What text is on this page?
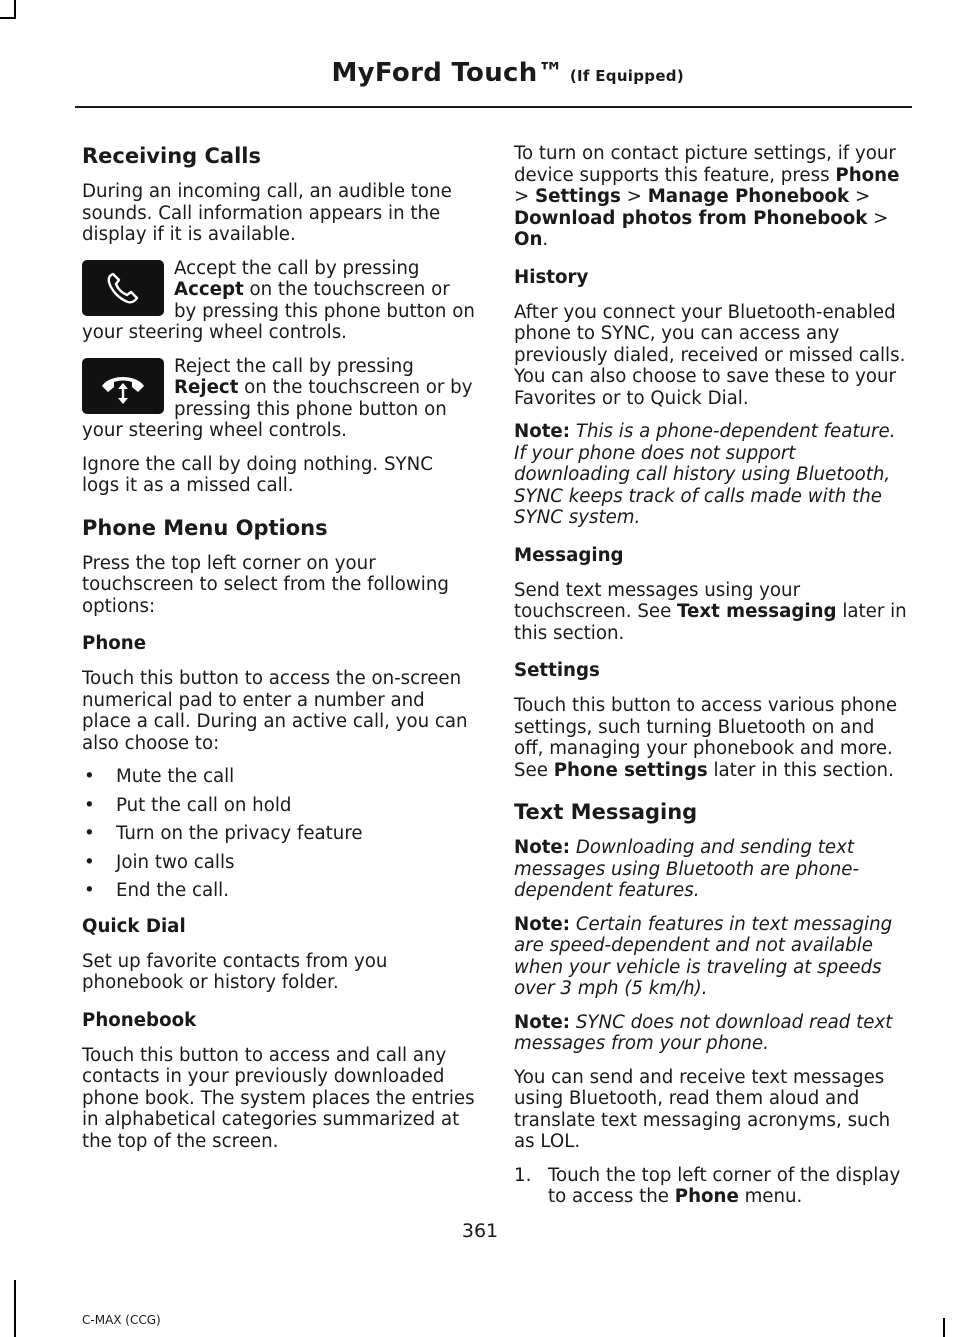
MyFord Touch™ (If Equipped)
Receiving Calls

During an incoming call, an audible tone sounds. Call information appears in the display if it is available.

Accept the call by pressing Accept on the touchscreen or by pressing this phone button on your steering wheel controls.
Reject the call by pressing Reject on the touchscreen or by pressing this phone button on your steering wheel controls.

Ignore the call by doing nothing. SYNC logs it as a missed call.

Phone Menu Options

Press the top left corner on your touchscreen to select from the following options:

Phone

Touch this button to access the on-screen numerical pad to enter a number and place a call. During an active call, you can also choose to:

• Mute the call
• Put the call on hold
• Turn on the privacy feature
• Join two calls
• End the call.
Quick Dial

Set up favorite contacts from you phonebook or history folder.

Phonebook

Touch this button to access and call any contacts in your previously downloaded phone book. The system places the entries in alphabetical categories summarized at the top of the screen.

To turn on contact picture settings, if your device supports this feature, press Phone > Settings > Manage Phonebook > Download photos from Phonebook > On.

History

After you connect your Bluetooth-enabled phone to SYNC, you can access any previously dialed, received or missed calls. You can also choose to save these to your Favorites or to Quick Dial.

Note: This is a phone-dependent feature. If your phone does not support downloading call history using Bluetooth, SYNC keeps track of calls made with the SYNC system.

Messaging

Send text messages using your touchscreen. See Text messaging later in this section.

Settings

Touch this button to access various phone settings, such turning Bluetooth on and off, managing your phonebook and more. See Phone settings later in this section.

Text Messaging

Note: Downloading and sending text messages using Bluetooth are phone-dependent features.

Note: Certain features in text messaging are speed-dependent and not available when your vehicle is traveling at speeds over 3 mph (5 km/h).

Note: SYNC does not download read text messages from your phone.

You can send and receive text messages using Bluetooth, read them aloud and translate text messaging acronyms, such as LOL.

1. Touch the top left corner of the display to access the Phone menu.
361
C-MAX (CCG)
